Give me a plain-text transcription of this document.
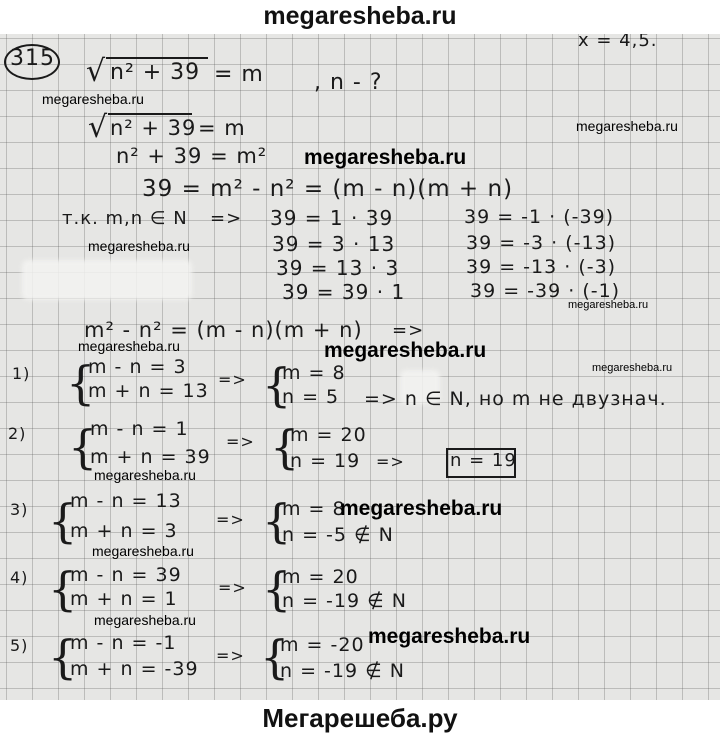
megaresheba.ru
315
x = 4,5.
√ n² + 39 = m , n - ?
√ n² + 39 = m
n² + 39 = m²
39 = m² - n² = (m - n)(m + n)
т.к. m,n ∈ N => 39 = 1 · 39
39 = 3 · 13
39 = 13 · 3
39 = 39 · 1
39 = -1 · (-39)
39 = -3 · (-13)
39 = -13 · (-3)
39 = -39 · (-1)
m² - n² = (m - n)(m + n) =>
1) {
m - n = 3
m + n = 13
=> {
m = 8
n = 5 => n ∈ N, но m не двузнач.
2) {
m - n = 1
m + n = 39
=> {
m = 20
n = 19 =>	n = 19
3) {
m - n = 13
m + n = 3
=> {
m = 8
n = -5 ∉ N
4) {
m - n = 39
m + n = 1
=> {
m = 20
n = -19 ∉ N
5) {
m - n = -1
m + n = -39
=> {
m = -20
n = -19 ∉ N
megaresheba.ru
megaresheba.ru
megaresheba.ru
megaresheba.ru
megaresheba.ru
megaresheba.ru	megaresheba.ru
megaresheba.ru
megaresheba.ru
megaresheba.ru
megaresheba.ru
megaresheba.ru
megaresheba.ru
Мегарешеба.ру
